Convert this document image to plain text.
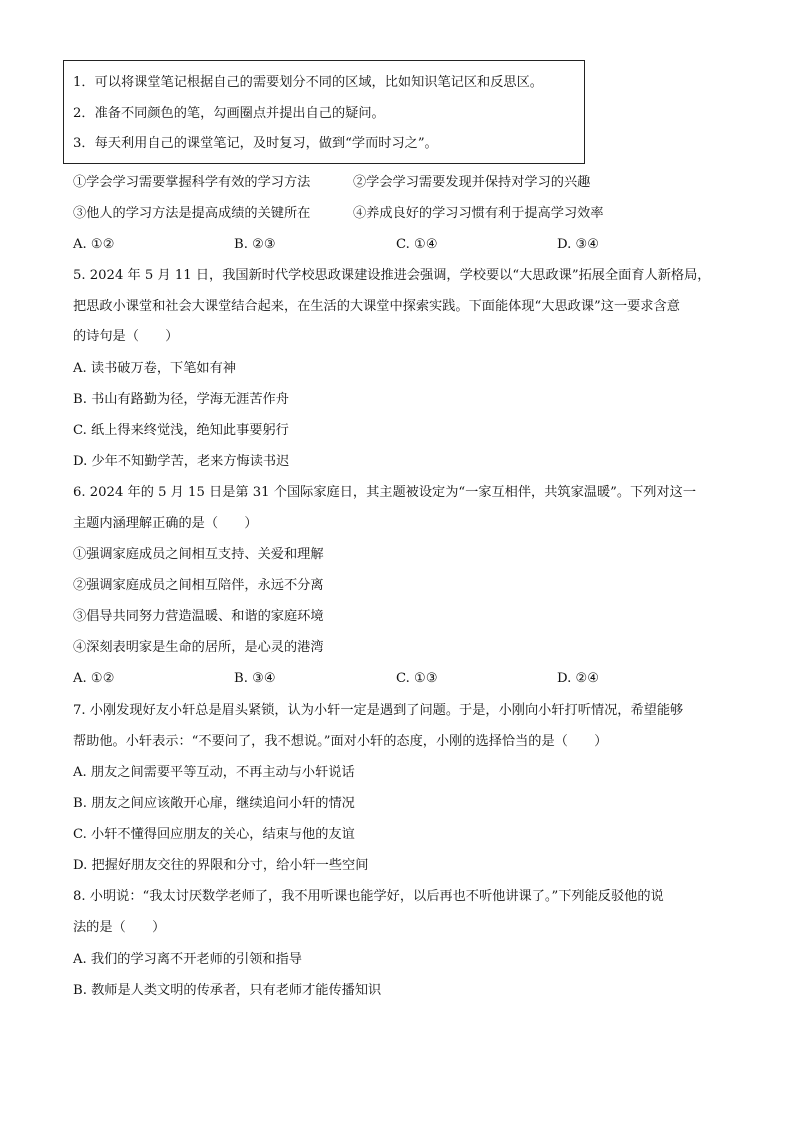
1．可以将课堂笔记根据自己的需要划分不同的区域，比如知识笔记区和反思区。
2．准备不同颜色的笔，勾画圈点并提出自己的疑问。
3．每天利用自己的课堂笔记，及时复习，做到“学而时习之”。
①学会学习需要掌握科学有效的学习方法	②学会学习需要发现并保持对学习的兴趣
③他人的学习方法是提高成绩的关键所在	④养成良好的学习习惯有利于提高学习效率
A. ①②	B. ②③	C. ①④	D. ③④
5. 2024 年 5 月 11 日，我国新时代学校思政课建设推进会强调，学校要以“大思政课”拓展全面育人新格局，
把思政小课堂和社会大课堂结合起来，在生活的大课堂中探索实践。下面能体现“大思政课”这一要求含意
的诗句是（　　）
A. 读书破万卷，下笔如有神
B. 书山有路勤为径，学海无涯苦作舟
C. 纸上得来终觉浅，绝知此事要躬行
D. 少年不知勤学苦，老来方悔读书迟
6. 2024 年的 5 月 15 日是第 31 个国际家庭日，其主题被设定为“一家互相伴，共筑家温暖”。下列对这一
主题内涵理解正确的是（　　）
①强调家庭成员之间相互支持、关爱和理解
②强调家庭成员之间相互陪伴，永远不分离
③倡导共同努力营造温暖、和谐的家庭环境
④深刻表明家是生命的居所，是心灵的港湾
A. ①②	B. ③④	C. ①③	D. ②④
7. 小刚发现好友小轩总是眉头紧锁，认为小轩一定是遇到了问题。于是，小刚向小轩打听情况，希望能够
帮助他。小轩表示：“不要问了，我不想说。”面对小轩的态度，小刚的选择恰当的是（　　）
A. 朋友之间需要平等互动，不再主动与小轩说话
B. 朋友之间应该敞开心扉，继续追问小轩的情况
C. 小轩不懂得回应朋友的关心，结束与他的友谊
D. 把握好朋友交往的界限和分寸，给小轩一些空间
8. 小明说：“我太讨厌数学老师了，我不用听课也能学好，以后再也不听他讲课了。”下列能反驳他的说
法的是（　　）
A. 我们的学习离不开老师的引领和指导
B. 教师是人类文明的传承者，只有老师才能传播知识
